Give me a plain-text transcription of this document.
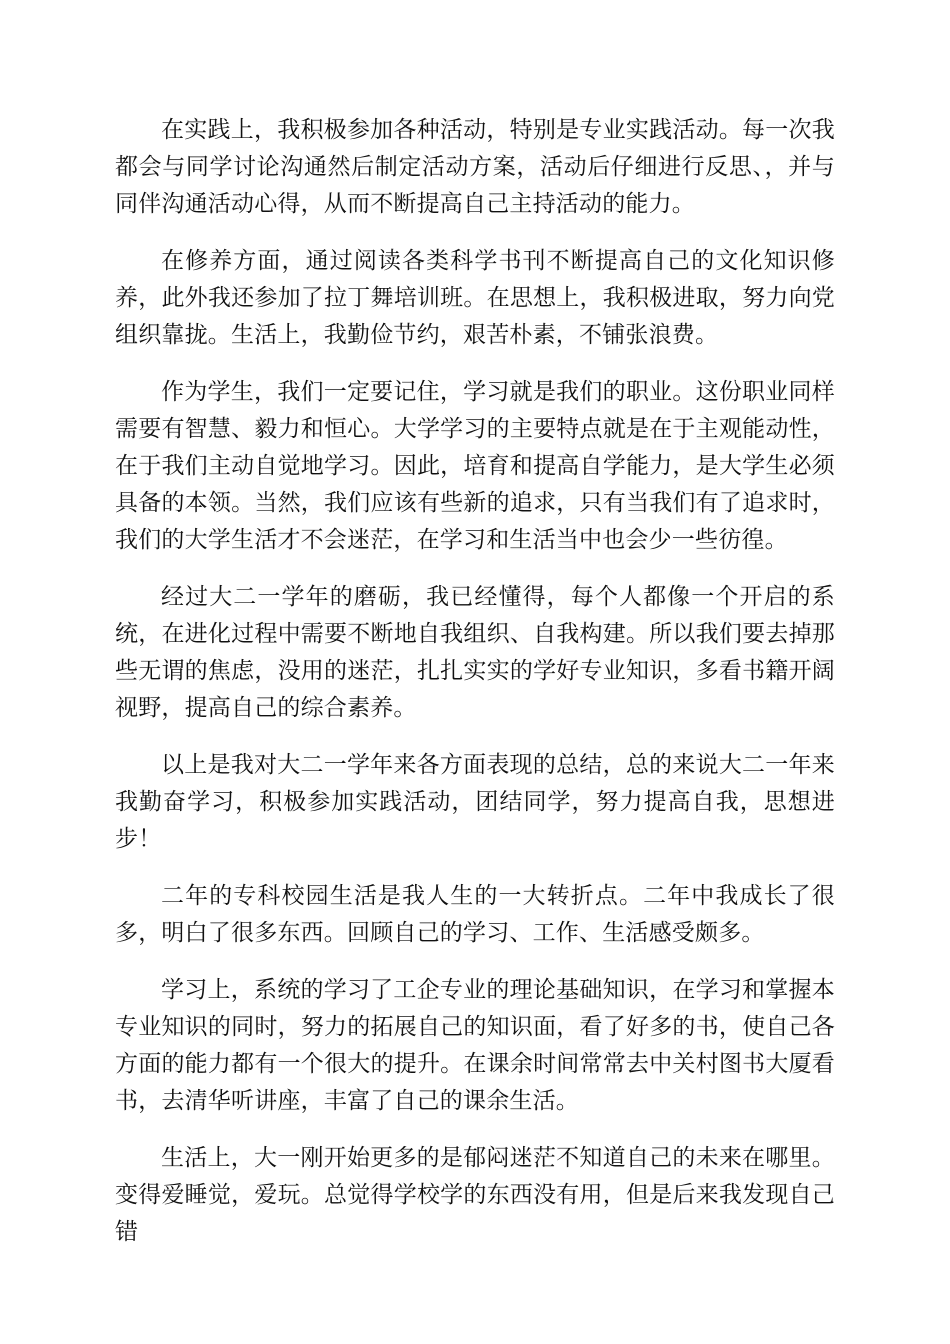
在实践上，我积极参加各种活动，特别是专业实践活动。每一次我都会与同学讨论沟通然后制定活动方案，活动后仔细进行反思、，并与同伴沟通活动心得，从而不断提高自己主持活动的能力。

在修养方面，通过阅读各类科学书刊不断提高自己的文化知识修养，此外我还参加了拉丁舞培训班。在思想上，我积极进取，努力向党组织靠拢。生活上，我勤俭节约，艰苦朴素，不铺张浪费。

作为学生，我们一定要记住，学习就是我们的职业。这份职业同样需要有智慧、毅力和恒心。大学学习的主要特点就是在于主观能动性，在于我们主动自觉地学习。因此，培育和提高自学能力，是大学生必须具备的本领。当然，我们应该有些新的追求，只有当我们有了追求时，我们的大学生活才不会迷茫，在学习和生活当中也会少一些彷徨。

经过大二一学年的磨砺，我已经懂得，每个人都像一个开启的系统，在进化过程中需要不断地自我组织、自我构建。所以我们要去掉那些无谓的焦虑，没用的迷茫，扎扎实实的学好专业知识，多看书籍开阔视野，提高自己的综合素养。

以上是我对大二一学年来各方面表现的总结，总的来说大二一年来我勤奋学习，积极参加实践活动，团结同学，努力提高自我，思想进步！

二年的专科校园生活是我人生的一大转折点。二年中我成长了很多，明白了很多东西。回顾自己的学习、工作、生活感受颇多。

学习上，系统的学习了工企专业的理论基础知识，在学习和掌握本专业知识的同时，努力的拓展自己的知识面，看了好多的书，使自己各方面的能力都有一个很大的提升。在课余时间常常去中关村图书大厦看书，去清华听讲座，丰富了自己的课余生活。

生活上，大一刚开始更多的是郁闷迷茫不知道自己的未来在哪里。变得爱睡觉，爱玩。总觉得学校学的东西没有用，但是后来我发现自己错
